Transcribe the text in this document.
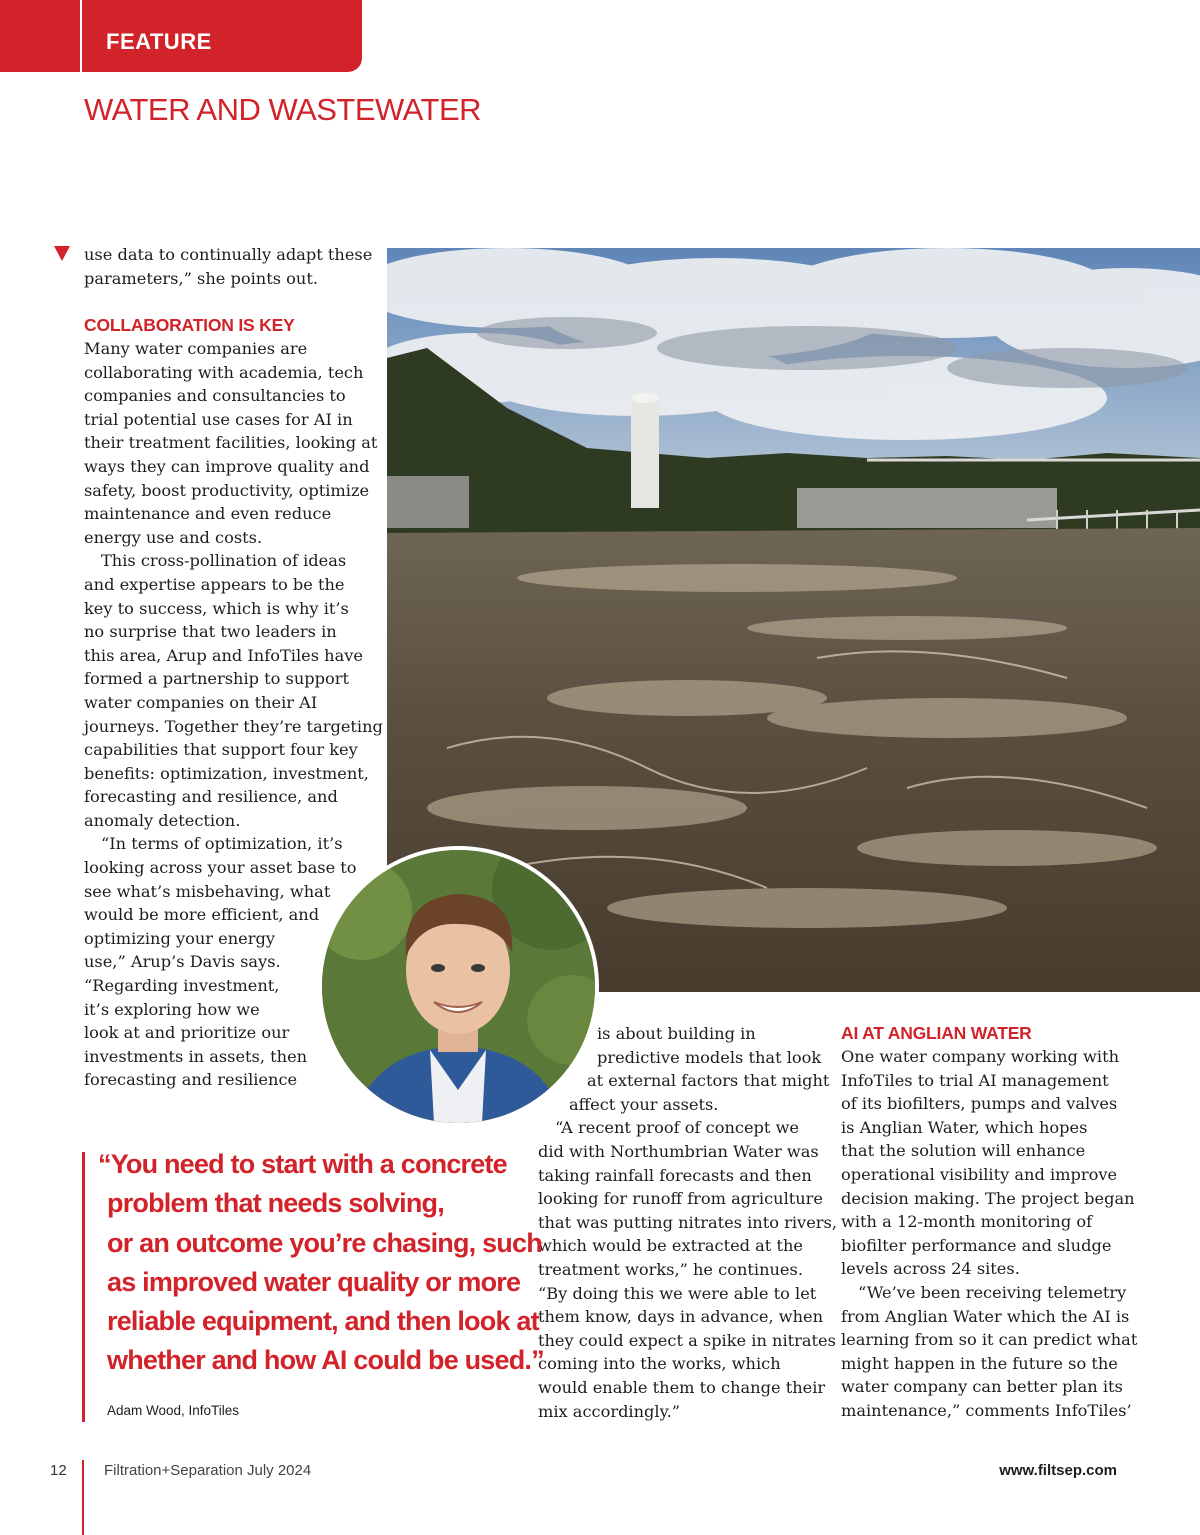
FEATURE
WATER AND WASTEWATER

use data to continually adapt these

parameters,” she points out.

COLLABORATION IS KEY

Many water companies are

collaborating with academia, tech

companies and consultancies to

trial potential use cases for AI in

their treatment facilities, looking at

ways they can improve quality and

safety, boost productivity, optimize

maintenance and even reduce

energy use and costs.

This cross-pollination of ideas

and expertise appears to be the

key to success, which is why it’s

no surprise that two leaders in

this area, Arup and InfoTiles have

formed a partnership to support

water companies on their AI

journeys. Together they’re targeting

capabilities that support four key

benefits: optimization, investment,

forecasting and resilience, and

anomaly detection.

“In terms of optimization, it’s

looking across your asset base to

see what’s misbehaving, what

would be more efficient, and

optimizing your energy

use,” Arup’s Davis says.

“Regarding investment,

it’s exploring how we

look at and prioritize our

investments in assets, then

forecasting and resilience

is about building in

predictive models that look

at external factors that might

affect your assets.

“A recent proof of concept we

did with Northumbrian Water was

taking rainfall forecasts and then

looking for runoff from agriculture

that was putting nitrates into rivers,

which would be extracted at the

treatment works,” he continues.

“By doing this we were able to let

them know, days in advance, when

they could expect a spike in nitrates

coming into the works, which

would enable them to change their

mix accordingly.”

AI AT ANGLIAN WATER

One water company working with

InfoTiles to trial AI management

of its biofilters, pumps and valves

is Anglian Water, which hopes

that the solution will enhance

operational visibility and improve

decision making. The project began

with a 12-month monitoring of

biofilter performance and sludge

levels across 24 sites.

“We’ve been receiving telemetry

from Anglian Water which the AI is

learning from so it can predict what

might happen in the future so the

water company can better plan its

maintenance,” comments InfoTiles’

“You need to start with a concrete

problem that needs solving,

or an outcome you’re chasing, such

as improved water quality or more

reliable equipment, and then look at

whether and how AI could be used.”

Adam Wood, InfoTiles
12 Filtration+Separation July 2024	www.filtsep.com
